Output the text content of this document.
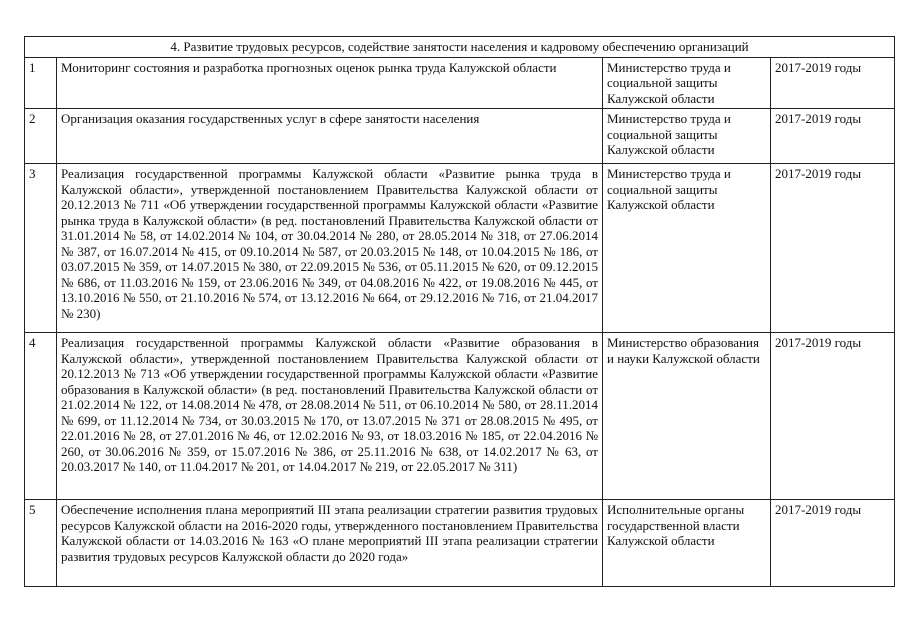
4. Развитие трудовых ресурсов, содействие занятости населения и кадровому обеспечению организаций			
1	Мониторинг состояния и разработка прогнозных оценок рынка труда Калужской области	Министерство труда и социальной защиты Калужской области	2017-2019 годы
2	Организация оказания государственных услуг в сфере занятости населения	Министерство труда и социальной защиты Калужской области	2017-2019 годы
3	Реализация государственной программы Калужской области «Развитие рынка труда в Калужской области», утвержденной постановлением Правительства Калужской области от 20.12.2013 № 711 «Об утверждении государственной программы Калужской области «Развитие рынка труда в Калужской области» (в ред. постановлений Правительства Калужской области от 31.01.2014 № 58, от 14.02.2014 № 104, от 30.04.2014 № 280, от 28.05.2014 № 318, от 27.06.2014 № 387, от 16.07.2014 № 415, от 09.10.2014 № 587, от 20.03.2015 № 148, от 10.04.2015 № 186, от 03.07.2015 № 359, от 14.07.2015 № 380, от 22.09.2015 № 536, от 05.11.2015 № 620, от 09.12.2015 № 686, от 11.03.2016 № 159, от 23.06.2016 № 349, от 04.08.2016 № 422, от 19.08.2016 № 445, от 13.10.2016 № 550, от 21.10.2016 № 574, от 13.12.2016 № 664, от 29.12.2016 № 716, от 21.04.2017 № 230)	Министерство труда и социальной защиты Калужской области	2017-2019 годы
4	Реализация государственной программы Калужской области «Развитие образования в Калужской области», утвержденной постановлением Правительства Калужской области от 20.12.2013 № 713 «Об утверждении государственной программы Калужской области «Развитие образования в Калужской области» (в ред. постановлений Правительства Калужской области от 21.02.2014 № 122, от 14.08.2014 № 478, от 28.08.2014 № 511, от 06.10.2014 № 580, от 28.11.2014 № 699, от 11.12.2014 № 734, от 30.03.2015 № 170, от 13.07.2015 № 371 от 28.08.2015 № 495, от 22.01.2016 № 28, от 27.01.2016 № 46, от 12.02.2016 № 93, от 18.03.2016 № 185, от 22.04.2016 № 260, от 30.06.2016 № 359, от 15.07.2016 № 386, от 25.11.2016 № 638, от 14.02.2017 № 63, от 20.03.2017 № 140, от 11.04.2017 № 201, от 14.04.2017 № 219, от 22.05.2017 № 311)	Министерство образования и науки Калужской области	2017-2019 годы
5	Обеспечение исполнения плана мероприятий III этапа реализации стратегии развития трудовых ресурсов Калужской области на 2016-2020 годы, утвержденного постановлением Правительства Калужской области от 14.03.2016 № 163 «О плане мероприятий III этапа реализации стратегии развития трудовых ресурсов Калужской области до 2020 года»	Исполнительные органы государственной власти Калужской области	2017-2019 годы
